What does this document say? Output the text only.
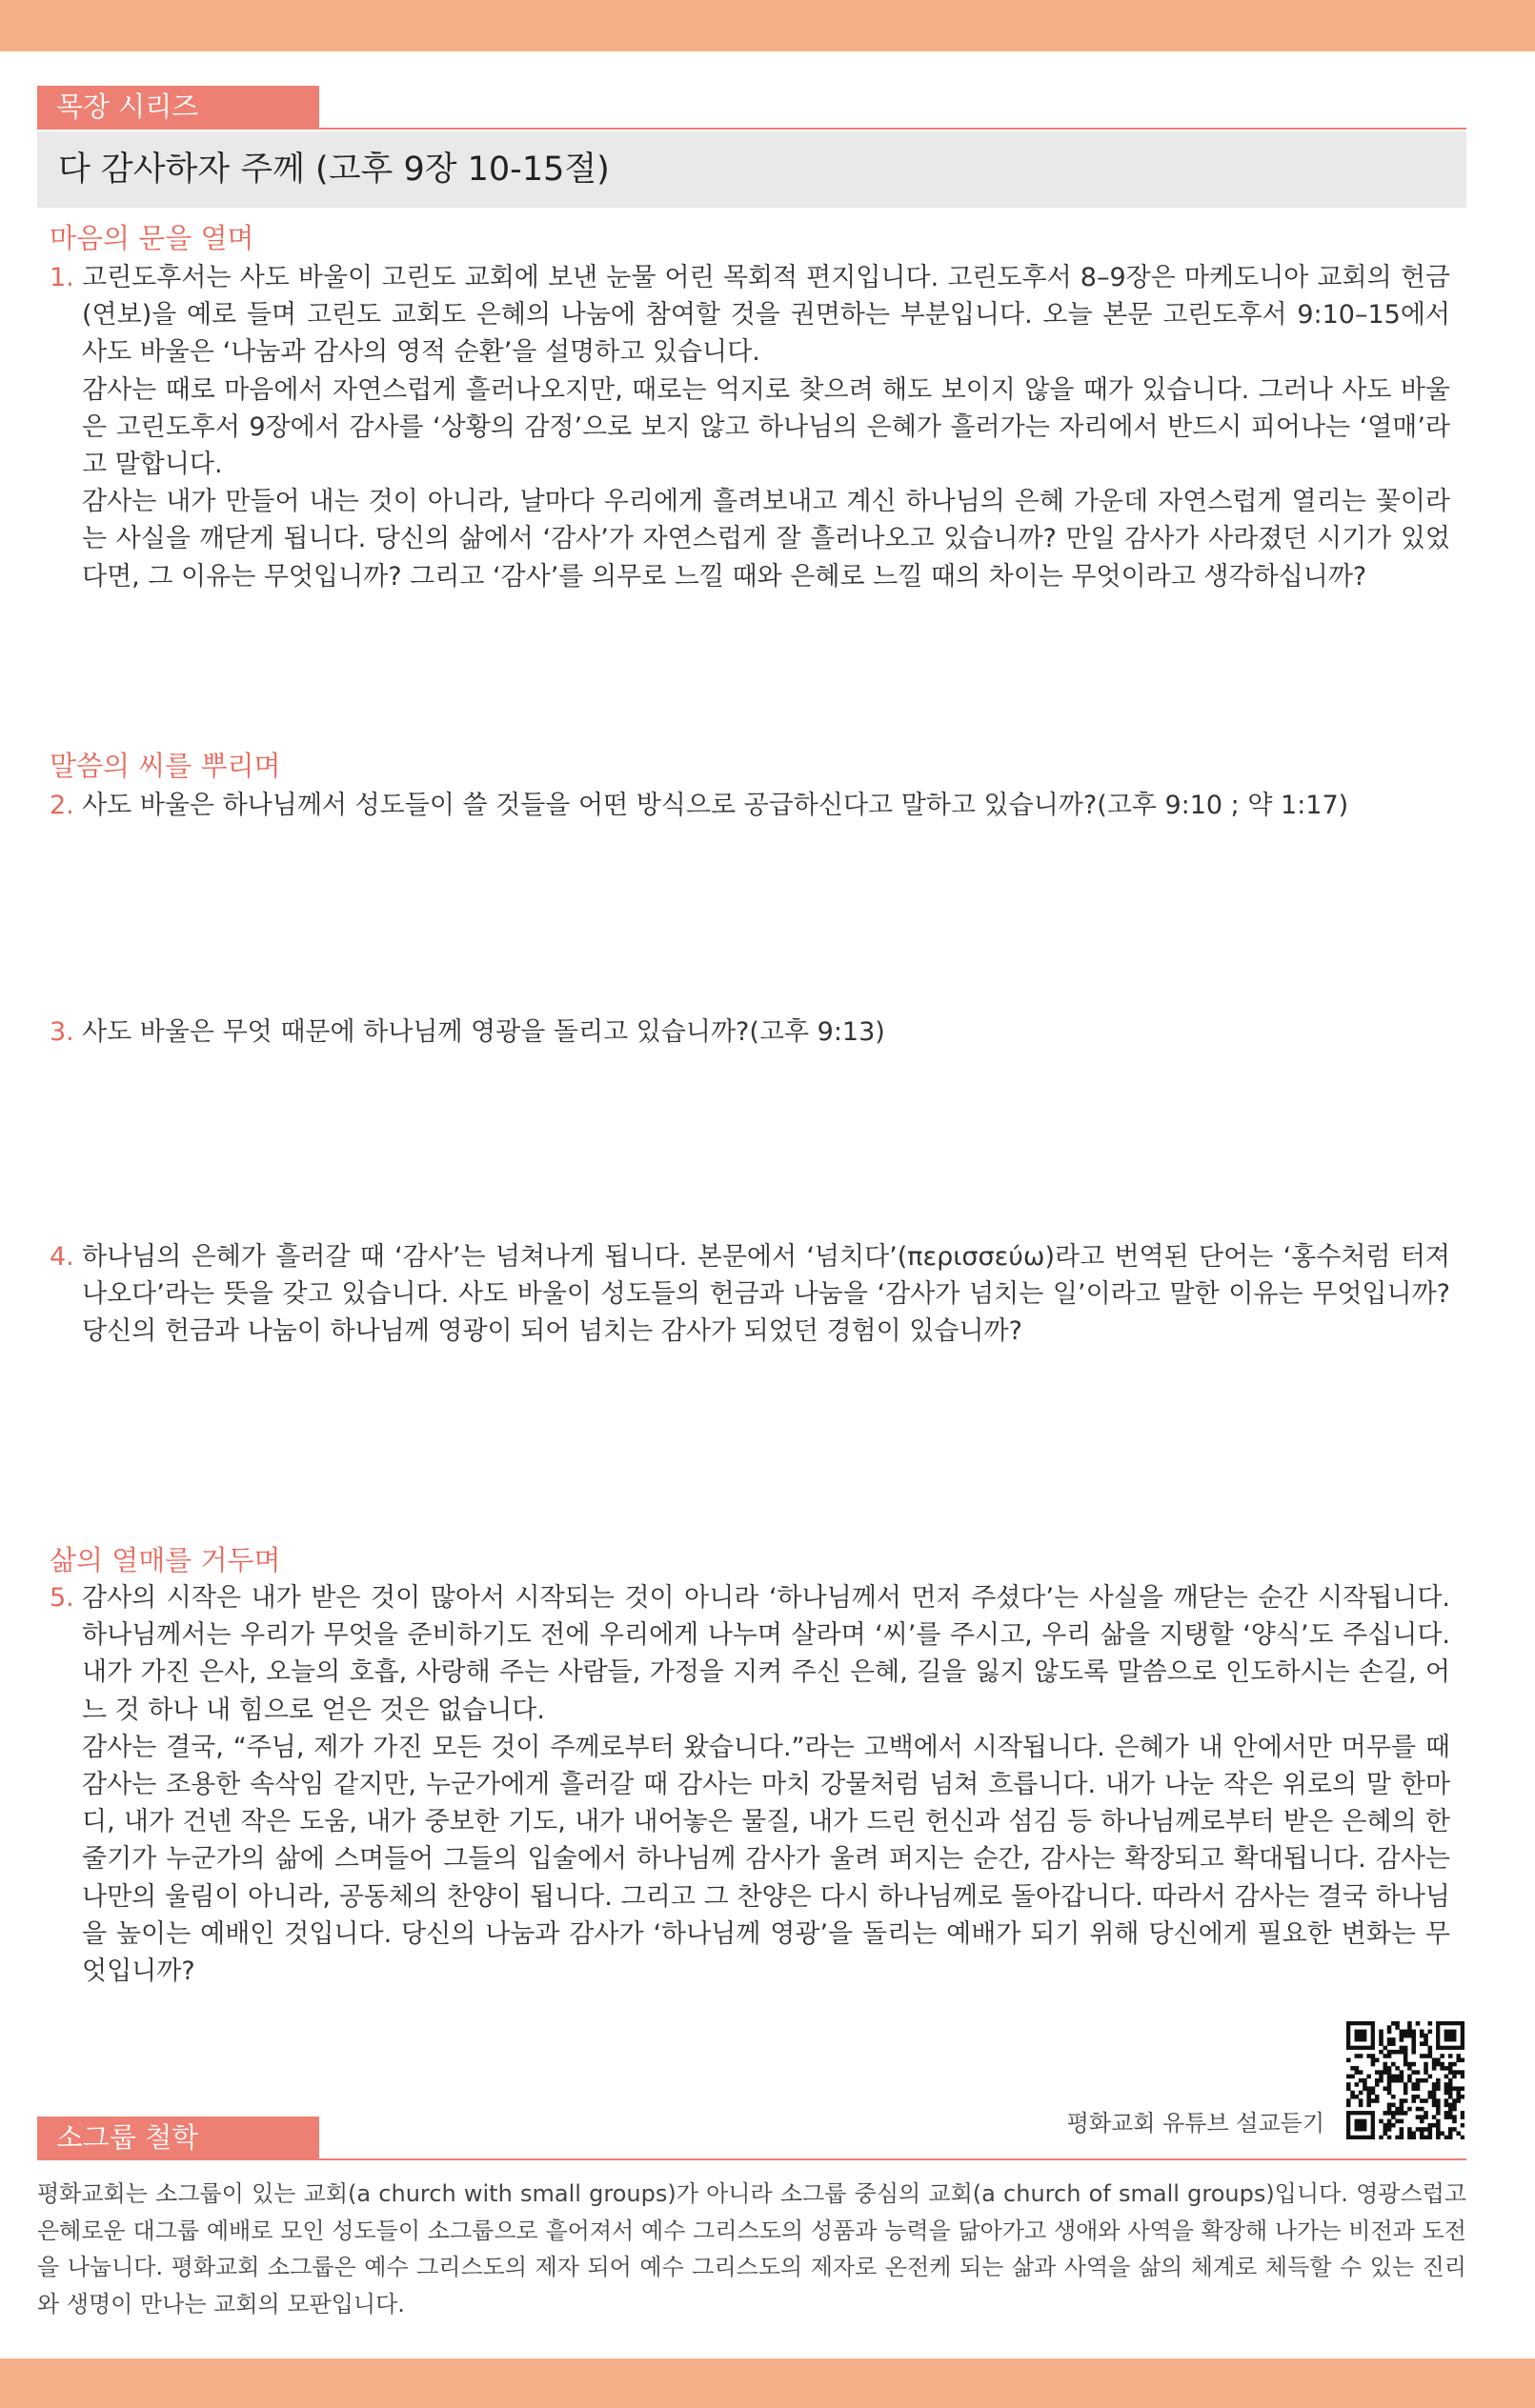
목장 시리즈
다 감사하자 주께 (고후 9장 10-15절)
마음의 문을 열며
1. 고린도후서는 사도 바울이 고린도 교회에 보낸 눈물 어린 목회적 편지입니다. 고린도후서 8–9장은 마케도니아 교회의 헌금(연보)을 예로 들며 고린도 교회도 은혜의 나눔에 참여할 것을 권면하는 부분입니다. 오늘 본문 고린도후서 9:10–15에서 사도 바울은 ‘나눔과 감사의 영적 순환’을 설명하고 있습니다.

감사는 때로 마음에서 자연스럽게 흘러나오지만, 때로는 억지로 찾으려 해도 보이지 않을 때가 있습니다. 그러나 사도 바울은 고린도후서 9장에서 감사를 ‘상황의 감정’으로 보지 않고 하나님의 은혜가 흘러가는 자리에서 반드시 피어나는 ‘열매’라고 말합니다.

감사는 내가 만들어 내는 것이 아니라, 날마다 우리에게 흘려보내고 계신 하나님의 은혜 가운데 자연스럽게 열리는 꽃이라는 사실을 깨닫게 됩니다. 당신의 삶에서 ‘감사’가 자연스럽게 잘 흘러나오고 있습니까? 만일 감사가 사라졌던 시기가 있었다면, 그 이유는 무엇입니까? 그리고 ‘감사’를 의무로 느낄 때와 은혜로 느낄 때의 차이는 무엇이라고 생각하십니까?

말씀의 씨를 뿌리며
2. 사도 바울은 하나님께서 성도들이 쓸 것들을 어떤 방식으로 공급하신다고 말하고 있습니까?(고후 9:10 ; 약 1:17)

3. 사도 바울은 무엇 때문에 하나님께 영광을 돌리고 있습니까?(고후 9:13)

4. 하나님의 은혜가 흘러갈 때 ‘감사’는 넘쳐나게 됩니다. 본문에서 ‘넘치다’(περισσεύω)라고 번역된 단어는 ‘홍수처럼 터져 나오다’라는 뜻을 갖고 있습니다. 사도 바울이 성도들의 헌금과 나눔을 ‘감사가 넘치는 일’이라고 말한 이유는 무엇입니까? 당신의 헌금과 나눔이 하나님께 영광이 되어 넘치는 감사가 되었던 경험이 있습니까?

삶의 열매를 거두며
5. 감사의 시작은 내가 받은 것이 많아서 시작되는 것이 아니라 ‘하나님께서 먼저 주셨다’는 사실을 깨닫는 순간 시작됩니다. 하나님께서는 우리가 무엇을 준비하기도 전에 우리에게 나누며 살라며 ‘씨’를 주시고, 우리 삶을 지탱할 ‘양식’도 주십니다. 내가 가진 은사, 오늘의 호흡, 사랑해 주는 사람들, 가정을 지켜 주신 은혜, 길을 잃지 않도록 말씀으로 인도하시는 손길, 어느 것 하나 내 힘으로 얻은 것은 없습니다.

감사는 결국, “주님, 제가 가진 모든 것이 주께로부터 왔습니다.”라는 고백에서 시작됩니다. 은혜가 내 안에서만 머무를 때 감사는 조용한 속삭임 같지만, 누군가에게 흘러갈 때 감사는 마치 강물처럼 넘쳐 흐릅니다. 내가 나눈 작은 위로의 말 한마디, 내가 건넨 작은 도움, 내가 중보한 기도, 내가 내어놓은 물질, 내가 드린 헌신과 섬김 등 하나님께로부터 받은 은혜의 한 줄기가 누군가의 삶에 스며들어 그들의 입술에서 하나님께 감사가 울려 퍼지는 순간, 감사는 확장되고 확대됩니다. 감사는 나만의 울림이 아니라, 공동체의 찬양이 됩니다. 그리고 그 찬양은 다시 하나님께로 돌아갑니다. 따라서 감사는 결국 하나님을 높이는 예배인 것입니다. 당신의 나눔과 감사가 ‘하나님께 영광’을 돌리는 예배가 되기 위해 당신에게 필요한 변화는 무엇입니까?

평화교회 유튜브 설교듣기
소그룹 철학
평화교회는 소그룹이 있는 교회(a church with small groups)가 아니라 소그룹 중심의 교회(a church of small groups)입니다. 영광스럽고 은혜로운 대그룹 예배로 모인 성도들이 소그룹으로 흩어져서 예수 그리스도의 성품과 능력을 닮아가고 생애와 사역을 확장해 나가는 비전과 도전을 나눕니다. 평화교회 소그룹은 예수 그리스도의 제자 되어 예수 그리스도의 제자로 온전케 되는 삶과 사역을 삶의 체계로 체득할 수 있는 진리와 생명이 만나는 교회의 모판입니다.
